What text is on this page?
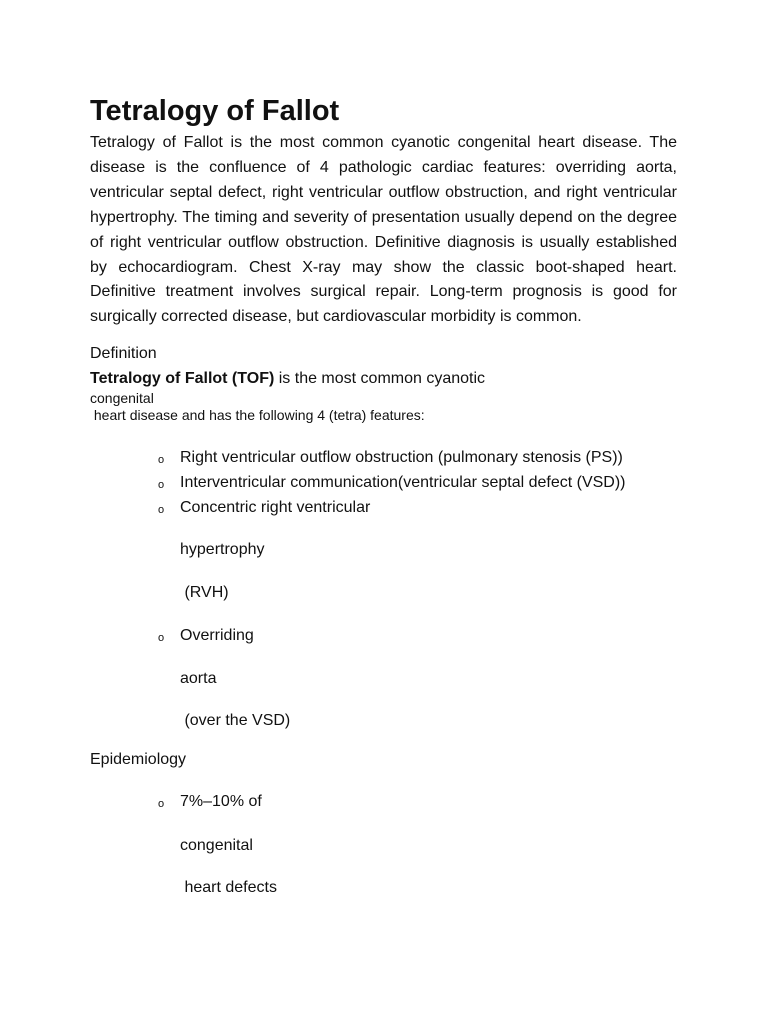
Tetralogy of Fallot

Tetralogy of Fallot is the most common cyanotic congenital heart disease. The disease is the confluence of 4 pathologic cardiac features: overriding aorta, ventricular septal defect, right ventricular outflow obstruction, and right ventricular hypertrophy. The timing and severity of presentation usually depend on the degree of right ventricular outflow obstruction. Definitive diagnosis is usually established by echocardiogram. Chest X-ray may show the classic boot-shaped heart. Definitive treatment involves surgical repair. Long-term prognosis is good for surgically corrected disease, but cardiovascular morbidity is common.

Definition
Tetralogy of Fallot (TOF) is the most common cyanotic
congenital
heart disease and has the following 4 (tetra) features:
o Right ventricular outflow obstruction (pulmonary stenosis (PS))
o Interventricular communication(ventricular septal defect (VSD))
o Concentric right ventricular
hypertrophy
(RVH)
o Overriding
aorta
(over the VSD)
Epidemiology
o 7%–10% of
congenital
heart defects
